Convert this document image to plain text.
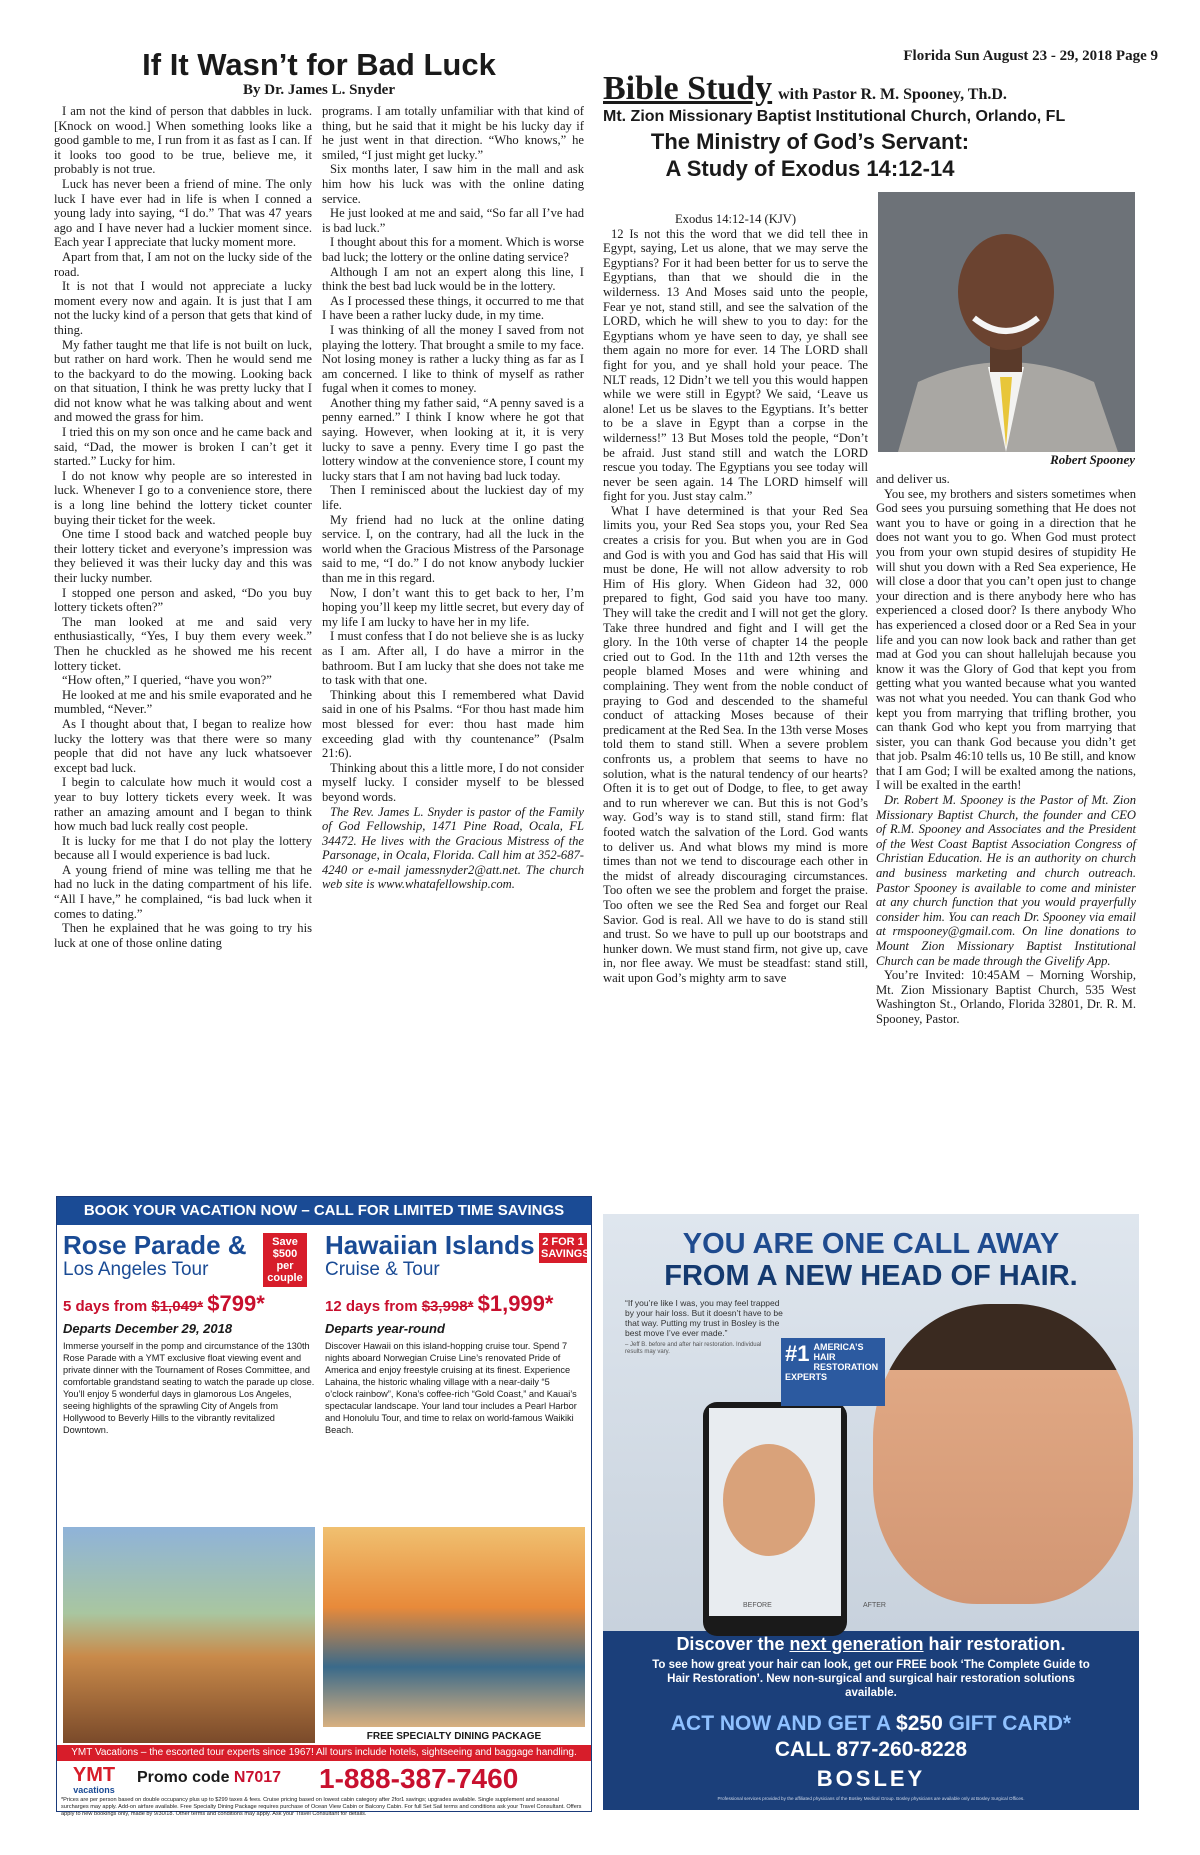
If It Wasn’t for Bad Luck
By Dr. James L. Snyder

I am not the kind of person that dabbles in luck. [Knock on wood.] When something looks like a good gamble to me, I run from it as fast as I can. If it looks too good to be true, believe me, it probably is not true.

Luck has never been a friend of mine. The only luck I have ever had in life is when I conned a young lady into saying, “I do.” That was 47 years ago and I have never had a luckier moment since. Each year I appreciate that lucky moment more.

Apart from that, I am not on the lucky side of the road.

It is not that I would not appreciate a lucky moment every now and again. It is just that I am not the lucky kind of a person that gets that kind of thing.

My father taught me that life is not built on luck, but rather on hard work. Then he would send me to the backyard to do the mowing. Looking back on that situation, I think he was pretty lucky that I did not know what he was talking about and went and mowed the grass for him.

I tried this on my son once and he came back and said, “Dad, the mower is broken I can’t get it started.” Lucky for him.

I do not know why people are so interested in luck. Whenever I go to a convenience store, there is a long line behind the lottery ticket counter buying their ticket for the week.

One time I stood back and watched people buy their lottery ticket and everyone’s impression was they believed it was their lucky day and this was their lucky number.

I stopped one person and asked, “Do you buy lottery tickets often?”

The man looked at me and said very enthusiastically, “Yes, I buy them every week.” Then he chuckled as he showed me his recent lottery ticket.

“How often,” I queried, “have you won?”

He looked at me and his smile evaporated and he mumbled, “Never.”

As I thought about that, I began to realize how lucky the lottery was that there were so many people that did not have any luck whatsoever except bad luck.

I begin to calculate how much it would cost a year to buy lottery tickets every week. It was rather an amazing amount and I began to think how much bad luck really cost people.

It is lucky for me that I do not play the lottery because all I would experience is bad luck.

A young friend of mine was telling me that he had no luck in the dating compartment of his life. “All I have,” he complained, “is bad luck when it comes to dating.”

Then he explained that he was going to try his luck at one of those online dating

programs. I am totally unfamiliar with that kind of thing, but he said that it might be his lucky day if he just went in that direction. “Who knows,” he smiled, “I just might get lucky.”

Six months later, I saw him in the mall and ask him how his luck was with the online dating service.

He just looked at me and said, “So far all I’ve had is bad luck.”

I thought about this for a moment. Which is worse bad luck; the lottery or the online dating service?

Although I am not an expert along this line, I think the best bad luck would be in the lottery.

As I processed these things, it occurred to me that I have been a rather lucky dude, in my time.

I was thinking of all the money I saved from not playing the lottery. That brought a smile to my face. Not losing money is rather a lucky thing as far as I am concerned. I like to think of myself as rather fugal when it comes to money.

Another thing my father said, “A penny saved is a penny earned.” I think I know where he got that saying. However, when looking at it, it is very lucky to save a penny. Every time I go past the lottery window at the convenience store, I count my lucky stars that I am not having bad luck today.

Then I reminisced about the luckiest day of my life.

My friend had no luck at the online dating service. I, on the contrary, had all the luck in the world when the Gracious Mistress of the Parsonage said to me, “I do.” I do not know anybody luckier than me in this regard.

Now, I don’t want this to get back to her, I’m hoping you’ll keep my little secret, but every day of my life I am lucky to have her in my life.

I must confess that I do not believe she is as lucky as I am. After all, I do have a mirror in the bathroom. But I am lucky that she does not take me to task with that one.

Thinking about this I remembered what David said in one of his Psalms. “For thou hast made him most blessed for ever: thou hast made him exceeding glad with thy countenance” (Psalm 21:6).

Thinking about this a little more, I do not consider myself lucky. I consider myself to be blessed beyond words.

The Rev. James L. Snyder is pastor of the Family of God Fellowship, 1471 Pine Road, Ocala, FL 34472. He lives with the Gracious Mistress of the Parsonage, in Ocala, Florida. Call him at 352-687-4240 or e-mail jamessnyder2@att.net. The church web site is www.whatafellowship.com.

Florida Sun August 23 - 29, 2018 Page 9
Bible Study with Pastor R. M. Spooney, Th.D.
Mt. Zion Missionary Baptist Institutional Church, Orlando, FL
The Ministry of God’s Servant:
A Study of Exodus 14:12-14
Robert Spooney

Exodus 14:12-14 (KJV)

12 Is not this the word that we did tell thee in Egypt, saying, Let us alone, that we may serve the Egyptians? For it had been better for us to serve the Egyptians, than that we should die in the wilderness. 13 And Moses said unto the people, Fear ye not, stand still, and see the salvation of the LORD, which he will shew to you to day: for the Egyptians whom ye have seen to day, ye shall see them again no more for ever. 14 The LORD shall fight for you, and ye shall hold your peace. The NLT reads, 12 Didn’t we tell you this would happen while we were still in Egypt? We said, ‘Leave us alone! Let us be slaves to the Egyptians. It’s better to be a slave in Egypt than a corpse in the wilderness!” 13 But Moses told the people, “Don’t be afraid. Just stand still and watch the LORD rescue you today. The Egyptians you see today will never be seen again. 14 The LORD himself will fight for you. Just stay calm.”

What I have determined is that your Red Sea limits you, your Red Sea stops you, your Red Sea creates a crisis for you. But when you are in God and God is with you and God has said that His will must be done, He will not allow adversity to rob Him of His glory. When Gideon had 32, 000 prepared to fight, God said you have too many. They will take the credit and I will not get the glory. Take three hundred and fight and I will get the glory. In the 10th verse of chapter 14 the people cried out to God. In the 11th and 12th verses the people blamed Moses and were whining and complaining. They went from the noble conduct of praying to God and descended to the shameful conduct of attacking Moses because of their predicament at the Red Sea. In the 13th verse Moses told them to stand still. When a severe problem confronts us, a problem that seems to have no solution, what is the natural tendency of our hearts? Often it is to get out of Dodge, to flee, to get away and to run wherever we can. But this is not God’s way. God’s way is to stand still, stand firm: flat footed watch the salvation of the Lord. God wants to deliver us. And what blows my mind is more times than not we tend to discourage each other in the midst of already discouraging circumstances. Too often we see the problem and forget the praise. Too often we see the Red Sea and forget our Real Savior. God is real. All we have to do is stand still and trust. So we have to pull up our bootstraps and hunker down. We must stand firm, not give up, cave in, nor flee away. We must be steadfast: stand still, wait upon God’s mighty arm to save

and deliver us.

You see, my brothers and sisters sometimes when God sees you pursuing something that He does not want you to have or going in a direction that he does not want you to go. When God must protect you from your own stupid desires of stupidity He will shut you down with a Red Sea experience, He will close a door that you can’t open just to change your direction and is there anybody here who has experienced a closed door? Is there anybody Who has experienced a closed door or a Red Sea in your life and you can now look back and rather than get mad at God you can shout hallelujah because you know it was the Glory of God that kept you from getting what you wanted because what you wanted was not what you needed. You can thank God who kept you from marrying that trifling brother, you can thank God who kept you from marrying that sister, you can thank God because you didn’t get that job. Psalm 46:10 tells us, 10 Be still, and know that I am God; I will be exalted among the nations, I will be exalted in the earth!

Dr. Robert M. Spooney is the Pastor of Mt. Zion Missionary Baptist Church, the founder and CEO of R.M. Spooney and Associates and the President of the West Coast Baptist Association Congress of Christian Education. He is an authority on church and business marketing and church outreach. Pastor Spooney is available to come and minister at any church function that you would prayerfully consider him. You can reach Dr. Spooney via email at rmspooney@gmail.com. On line donations to Mount Zion Missionary Baptist Institutional Church can be made through the Givelify App.

You’re Invited: 10:45AM – Morning Worship, Mt. Zion Missionary Baptist Church, 535 West Washington St., Orlando, Florida 32801, Dr. R. M. Spooney, Pastor.

BOOK YOUR VACATION NOW – CALL FOR LIMITED TIME SAVINGS
Rose Parade &
Los Angeles Tour
5 days from $1,049* $799*
Departs December 29, 2018
Immerse yourself in the pomp and circumstance of the 130th Rose Parade with a YMT exclusive float viewing event and private dinner with the Tournament of Roses Committee, and comfortable grandstand seating to watch the parade up close. You’ll enjoy 5 wonderful days in glamorous Los Angeles, seeing highlights of the sprawling City of Angels from Hollywood to Beverly Hills to the vibrantly revitalized Downtown.
Save $500 per couple
Hawaiian Islands
Cruise & Tour
12 days from $3,998* $1,999*
Departs year-round
Discover Hawaii on this island-hopping cruise tour. Spend 7 nights aboard Norwegian Cruise Line’s renovated Pride of America and enjoy freestyle cruising at its finest. Experience Lahaina, the historic whaling village with a near-daily “5 o’clock rainbow”, Kona’s coffee-rich “Gold Coast,” and Kauai’s spectacular landscape. Your land tour includes a Pearl Harbor and Honolulu Tour, and time to relax on world-famous Waikiki Beach.
2 FOR 1 SAVINGS
FREE SPECIALTY DINING PACKAGE
YMT Vacations – the escorted tour experts since 1967! All tours include hotels, sightseeing and baggage handling.
YMT
vacations
Promo code N7017 1-888-387-7460
*Prices are per person based on double occupancy plus up to $299 taxes & fees. Cruise pricing based on lowest cabin category after 2for1 savings; upgrades available. Single supplement and seasonal surcharges may apply. Add-on airfare available. Free Specialty Dining Package requires purchase of Ocean View Cabin or Balcony Cabin. For full Set Sail terms and conditions ask your Travel Consultant. Offers apply to new bookings only, made by 9/30/18. Other terms and conditions may apply. Ask your Travel Consultant for details.
YOU ARE ONE CALL AWAY
FROM A NEW HEAD OF HAIR.
“If you’re like I was, you may feel trapped by your hair loss. But it doesn’t have to be that way. Putting my trust in Bosley is the best move I’ve ever made.”
– Jeff B. before and after hair restoration. Individual results may vary.	#1 AMERICA’S HAIR RESTORATION EXPERTS
BEFORE	AFTER
Discover the next generation hair restoration.
To see how great your hair can look, get our FREE book ‘The Complete Guide to Hair Restoration’. New non-surgical and surgical hair restoration solutions available.
ACT NOW AND GET A $250 GIFT CARD*
CALL 877-260-8228
BOSLEY
Professional services provided by the affiliated physicians of the Bosley Medical Group. Bosley physicians are available only at Bosley Surgical Offices.
